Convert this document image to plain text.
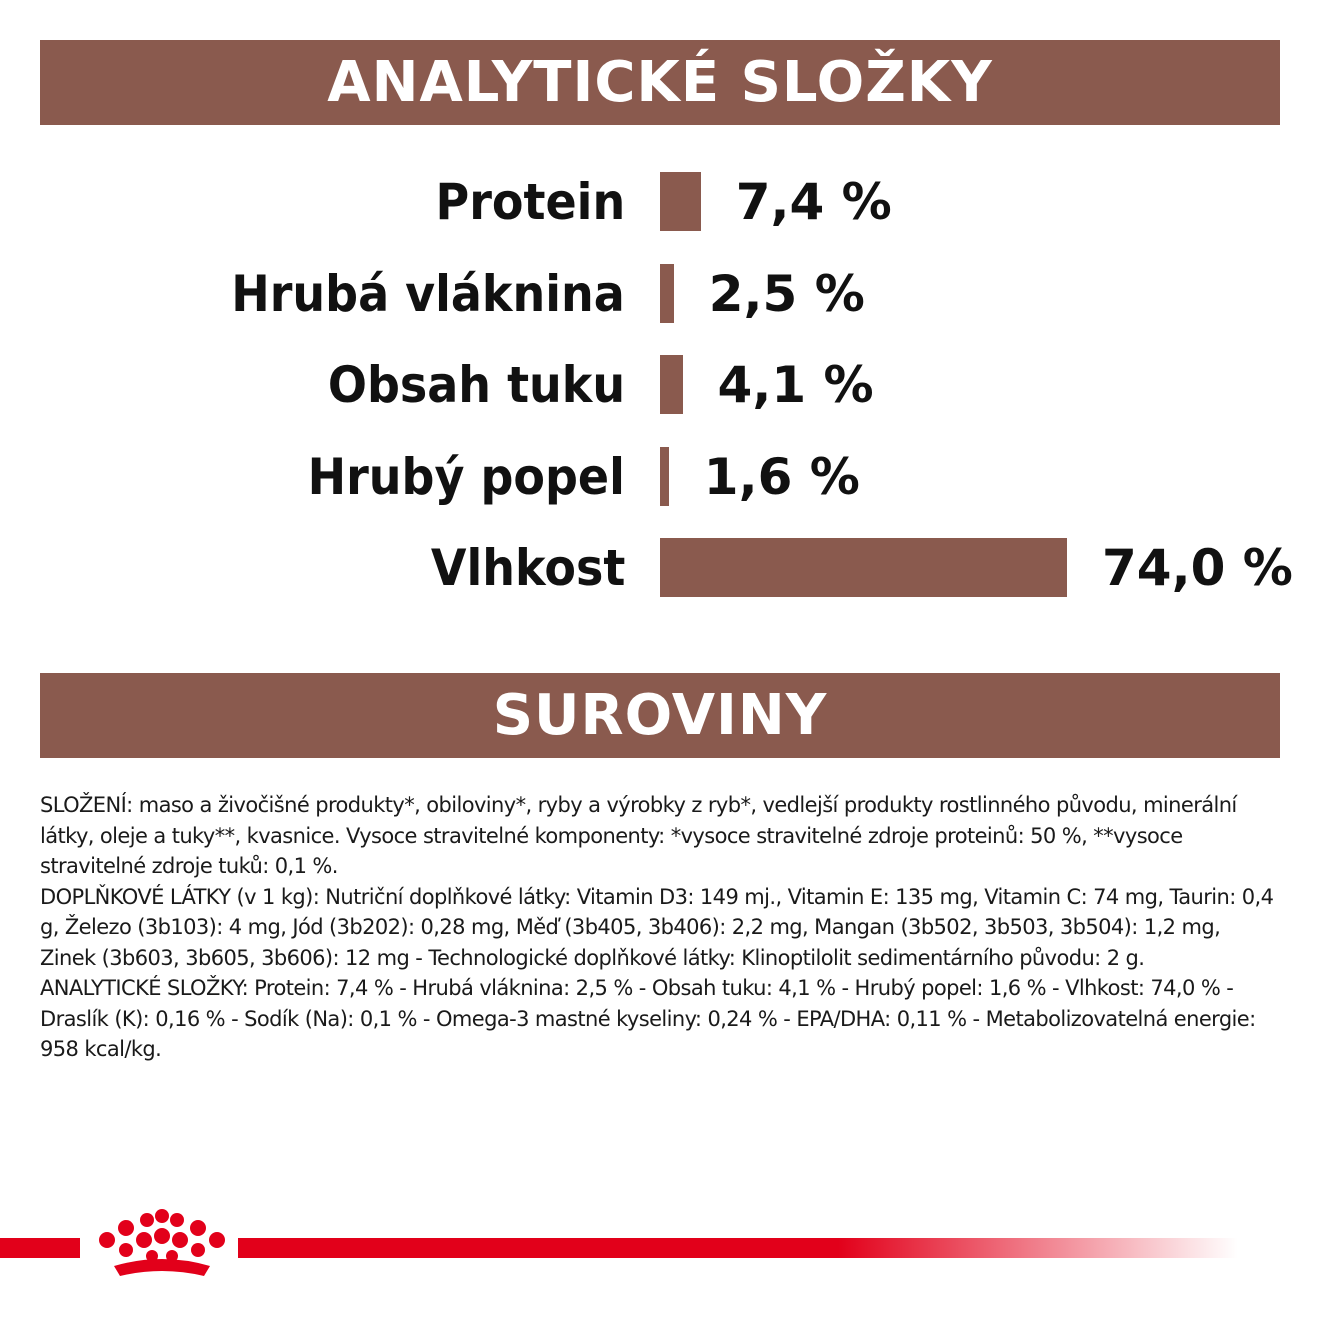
ANALYTICKÉ SLOŽKY
Protein 7,4 %
Hrubá vláknina 2,5 %
Obsah tuku 4,1 %
Hrubý popel 1,6 %
Vlhkost	74,0 %
SUROVINY

SLOŽENÍ: maso a živočišné produkty*, obiloviny*, ryby a výrobky z ryb*, vedlejší produkty rostlinného původu, minerální látky, oleje a tuky**, kvasnice. Vysoce stravitelné komponenty: *vysoce stravitelné zdroje proteinů: 50 %, **vysoce stravitelné zdroje tuků: 0,1 %.

DOPLŇKOVÉ LÁTKY (v 1 kg): Nutriční doplňkové látky: Vitamin D3: 149 mj., Vitamin E: 135 mg, Vitamin C: 74 mg, Taurin: 0,4 g, Železo (3b103): 4 mg, Jód (3b202): 0,28 mg, Měď (3b405, 3b406): 2,2 mg, Mangan (3b502, 3b503, 3b504): 1,2 mg, Zinek (3b603, 3b605, 3b606): 12 mg - Technologické doplňkové látky: Klinoptilolit sedimentárního původu: 2 g.

ANALYTICKÉ SLOŽKY: Protein: 7,4 % - Hrubá vláknina: 2,5 % - Obsah tuku: 4,1 % - Hrubý popel: 1,6 % - Vlhkost: 74,0 % - Draslík (K): 0,16 % - Sodík (Na): 0,1 % - Omega-3 mastné kyseliny: 0,24 % - EPA/DHA: 0,11 % - Metabolizovatelná energie: 958 kcal/kg.
